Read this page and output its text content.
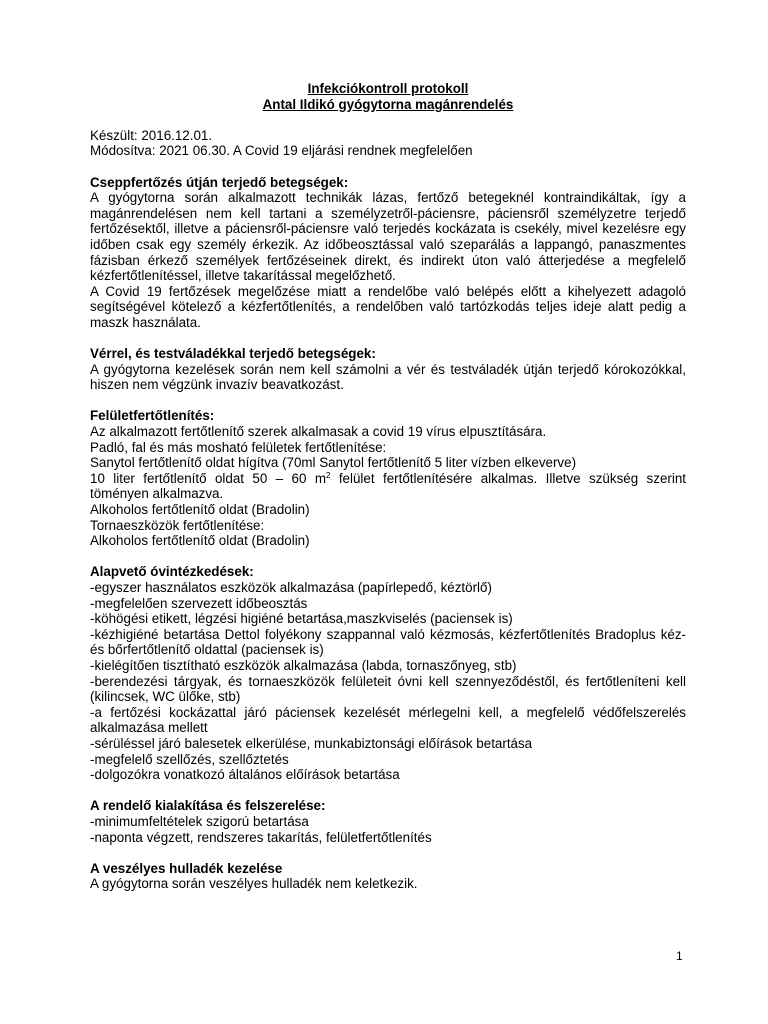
Infekciókontroll protokoll

Antal Ildikó gyógytorna magánrendelés

Készült: 2016.12.01.

Módosítva: 2021 06.30. A Covid 19 eljárási rendnek megfelelően

Cseppfertőzés útján terjedő betegségek:

A gyógytorna során alkalmazott technikák lázas, fertőző betegeknél kontraindikáltak, így a magánrendelésen nem kell tartani a személyzetről-páciensre, páciensről személyzetre terjedő fertőzésektől, illetve a páciensről-páciensre való terjedés kockázata is csekély, mivel kezelésre egy időben csak egy személy érkezik. Az időbeosztással való szeparálás a lappangó, panaszmentes fázisban érkező személyek fertőzéseinek direkt, és indirekt úton való átterjedése a megfelelő kézfertőtlenítéssel, illetve takarítással megelőzhető.

A Covid 19 fertőzések megelőzése miatt a rendelőbe való belépés előtt a kihelyezett adagoló segítségével kötelező a kézfertőtlenítés, a rendelőben való tartózkodás teljes ideje alatt pedig a maszk használata.

Vérrel, és testváladékkal terjedő betegségek:

A gyógytorna kezelések során nem kell számolni a vér és testváladék útján terjedő kórokozókkal, hiszen nem végzünk invazív beavatkozást.

Felületfertőtlenítés:

Az alkalmazott fertőtlenítő szerek alkalmasak a covid 19 vírus elpusztítására.

Padló, fal és más mosható felületek fertőtlenítése:

Sanytol fertőtlenítő oldat hígítva (70ml Sanytol fertőtlenítő 5 liter vízben elkeverve)

10 liter fertőtlenítő oldat 50 – 60 $m^2$ felület fertőtlenítésére alkalmas. Illetve szükség szerint töményen alkalmazva.

Alkoholos fertőtlenítő oldat (Bradolin)

Tornaeszközök fertőtlenítése:

Alkoholos fertőtlenítő oldat (Bradolin)

Alapvető óvintézkedések:

-egyszer használatos eszközök alkalmazása (papírlepedő, kéztörlő)

-megfelelően szervezett időbeosztás

-köhögési etikett, légzési higiéné betartása,maszkviselés (paciensek is)

-kézhigiéné betartása Dettol folyékony szappannal való kézmosás, kézfertőtlenítés Bradoplus kéz- és bőrfertőtlenítő oldattal (paciensek is)

-kielégítően tisztítható eszközök alkalmazása (labda, tornaszőnyeg, stb)

-berendezési tárgyak, és tornaeszközök felületeit óvni kell szennyeződéstől, és fertőtleníteni kell (kilincsek, WC ülőke, stb)

-a fertőzési kockázattal járó páciensek kezelését mérlegelni kell, a megfelelő védőfelszerelés alkalmazása mellett

-sérüléssel járó balesetek elkerülése, munkabiztonsági előírások betartása

-megfelelő szellőzés, szellőztetés

-dolgozókra vonatkozó általános előírások betartása

A rendelő kialakítása és felszerelése:

-minimumfeltételek szigorú betartása

-naponta végzett, rendszeres takarítás, felületfertőtlenítés

A veszélyes hulladék kezelése

A gyógytorna során veszélyes hulladék nem keletkezik.

1
